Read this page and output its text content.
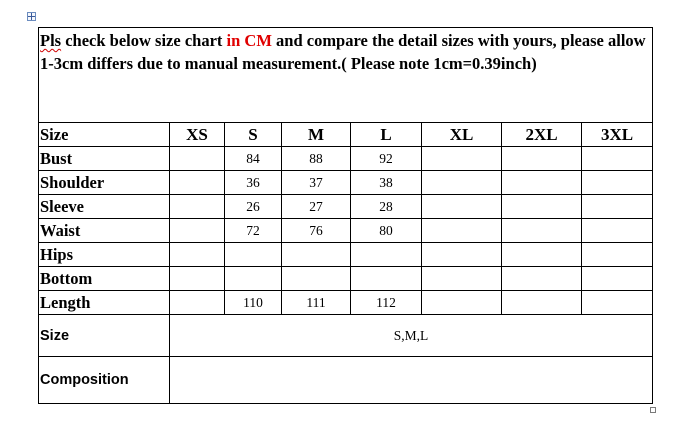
Pls check below size chart in CM and compare the detail sizes with yours, please allow 1-3cm differs due to manual measurement.( Please note 1cm=0.39inch)							
Size	XS	S	M	L	XL	2XL	3XL
Bust		84	88	92			
Shoulder		36	37	38			
Sleeve		26	27	28			
Waist		72	76	80			
Hips							
Bottom							
Length		110	111	112			
Size	S,M,L						
Composition							
